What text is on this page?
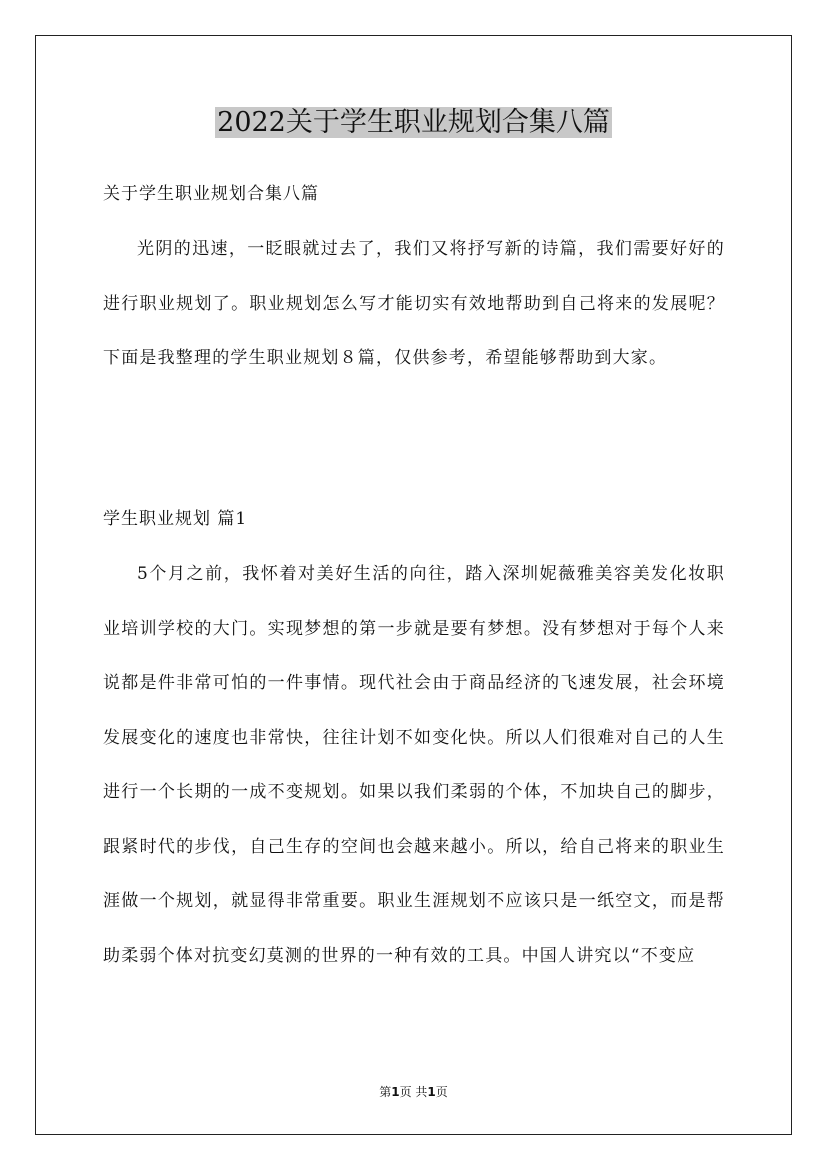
2022关于学生职业规划合集八篇
关于学生职业规划合集八篇

光阴的迅速，一眨眼就过去了，我们又将抒写新的诗篇，我们需要好好的进行职业规划了。职业规划怎么写才能切实有效地帮助到自己将来的发展呢？下面是我整理的学生职业规划８篇，仅供参考，希望能够帮助到大家。

学生职业规划 篇1

5个月之前，我怀着对美好生活的向往，踏入深圳妮薇雅美容美发化妆职业培训学校的大门。实现梦想的第一步就是要有梦想。没有梦想对于每个人来说都是件非常可怕的一件事情。现代社会由于商品经济的飞速发展，社会环境发展变化的速度也非常快，往往计划不如变化快。所以人们很难对自己的人生进行一个长期的一成不变规划。如果以我们柔弱的个体，不加块自己的脚步，跟紧时代的步伐，自己生存的空间也会越来越小。所以，给自己将来的职业生涯做一个规划，就显得非常重要。职业生涯规划不应该只是一纸空文，而是帮助柔弱个体对抗变幻莫测的世界的一种有效的工具。中国人讲究以“不变应

第1页 共1页
